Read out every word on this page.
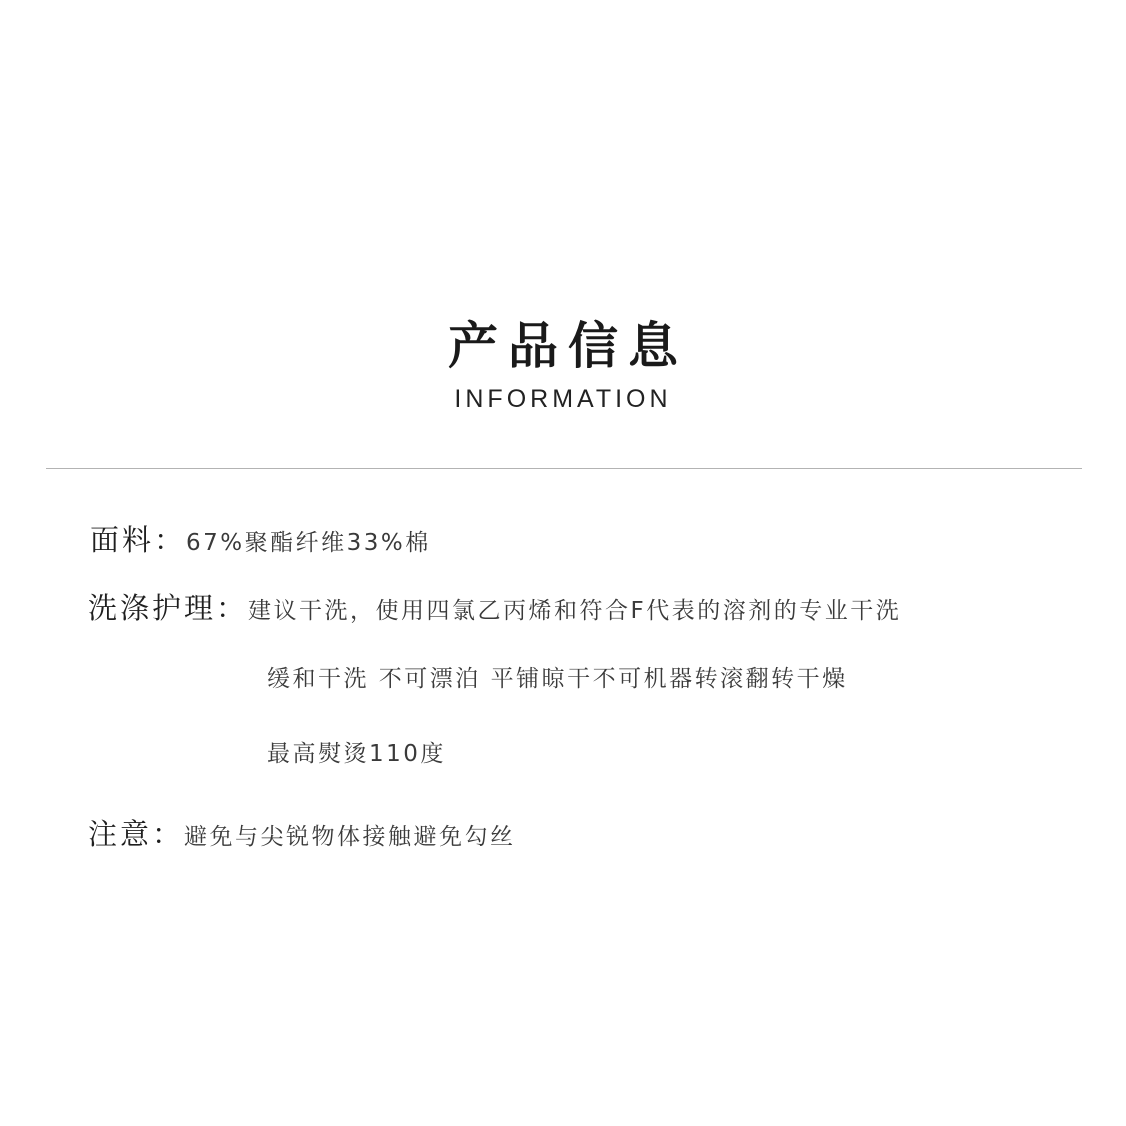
产品信息
INFORMATION
面料：67%聚酯纤维33%棉
洗涤护理：建议干洗，使用四氯乙丙烯和符合F代表的溶剂的专业干洗
缓和干洗 不可漂泊 平铺晾干不可机器转滚翻转干燥
最高熨烫110度
注意：避免与尖锐物体接触避免勾丝
